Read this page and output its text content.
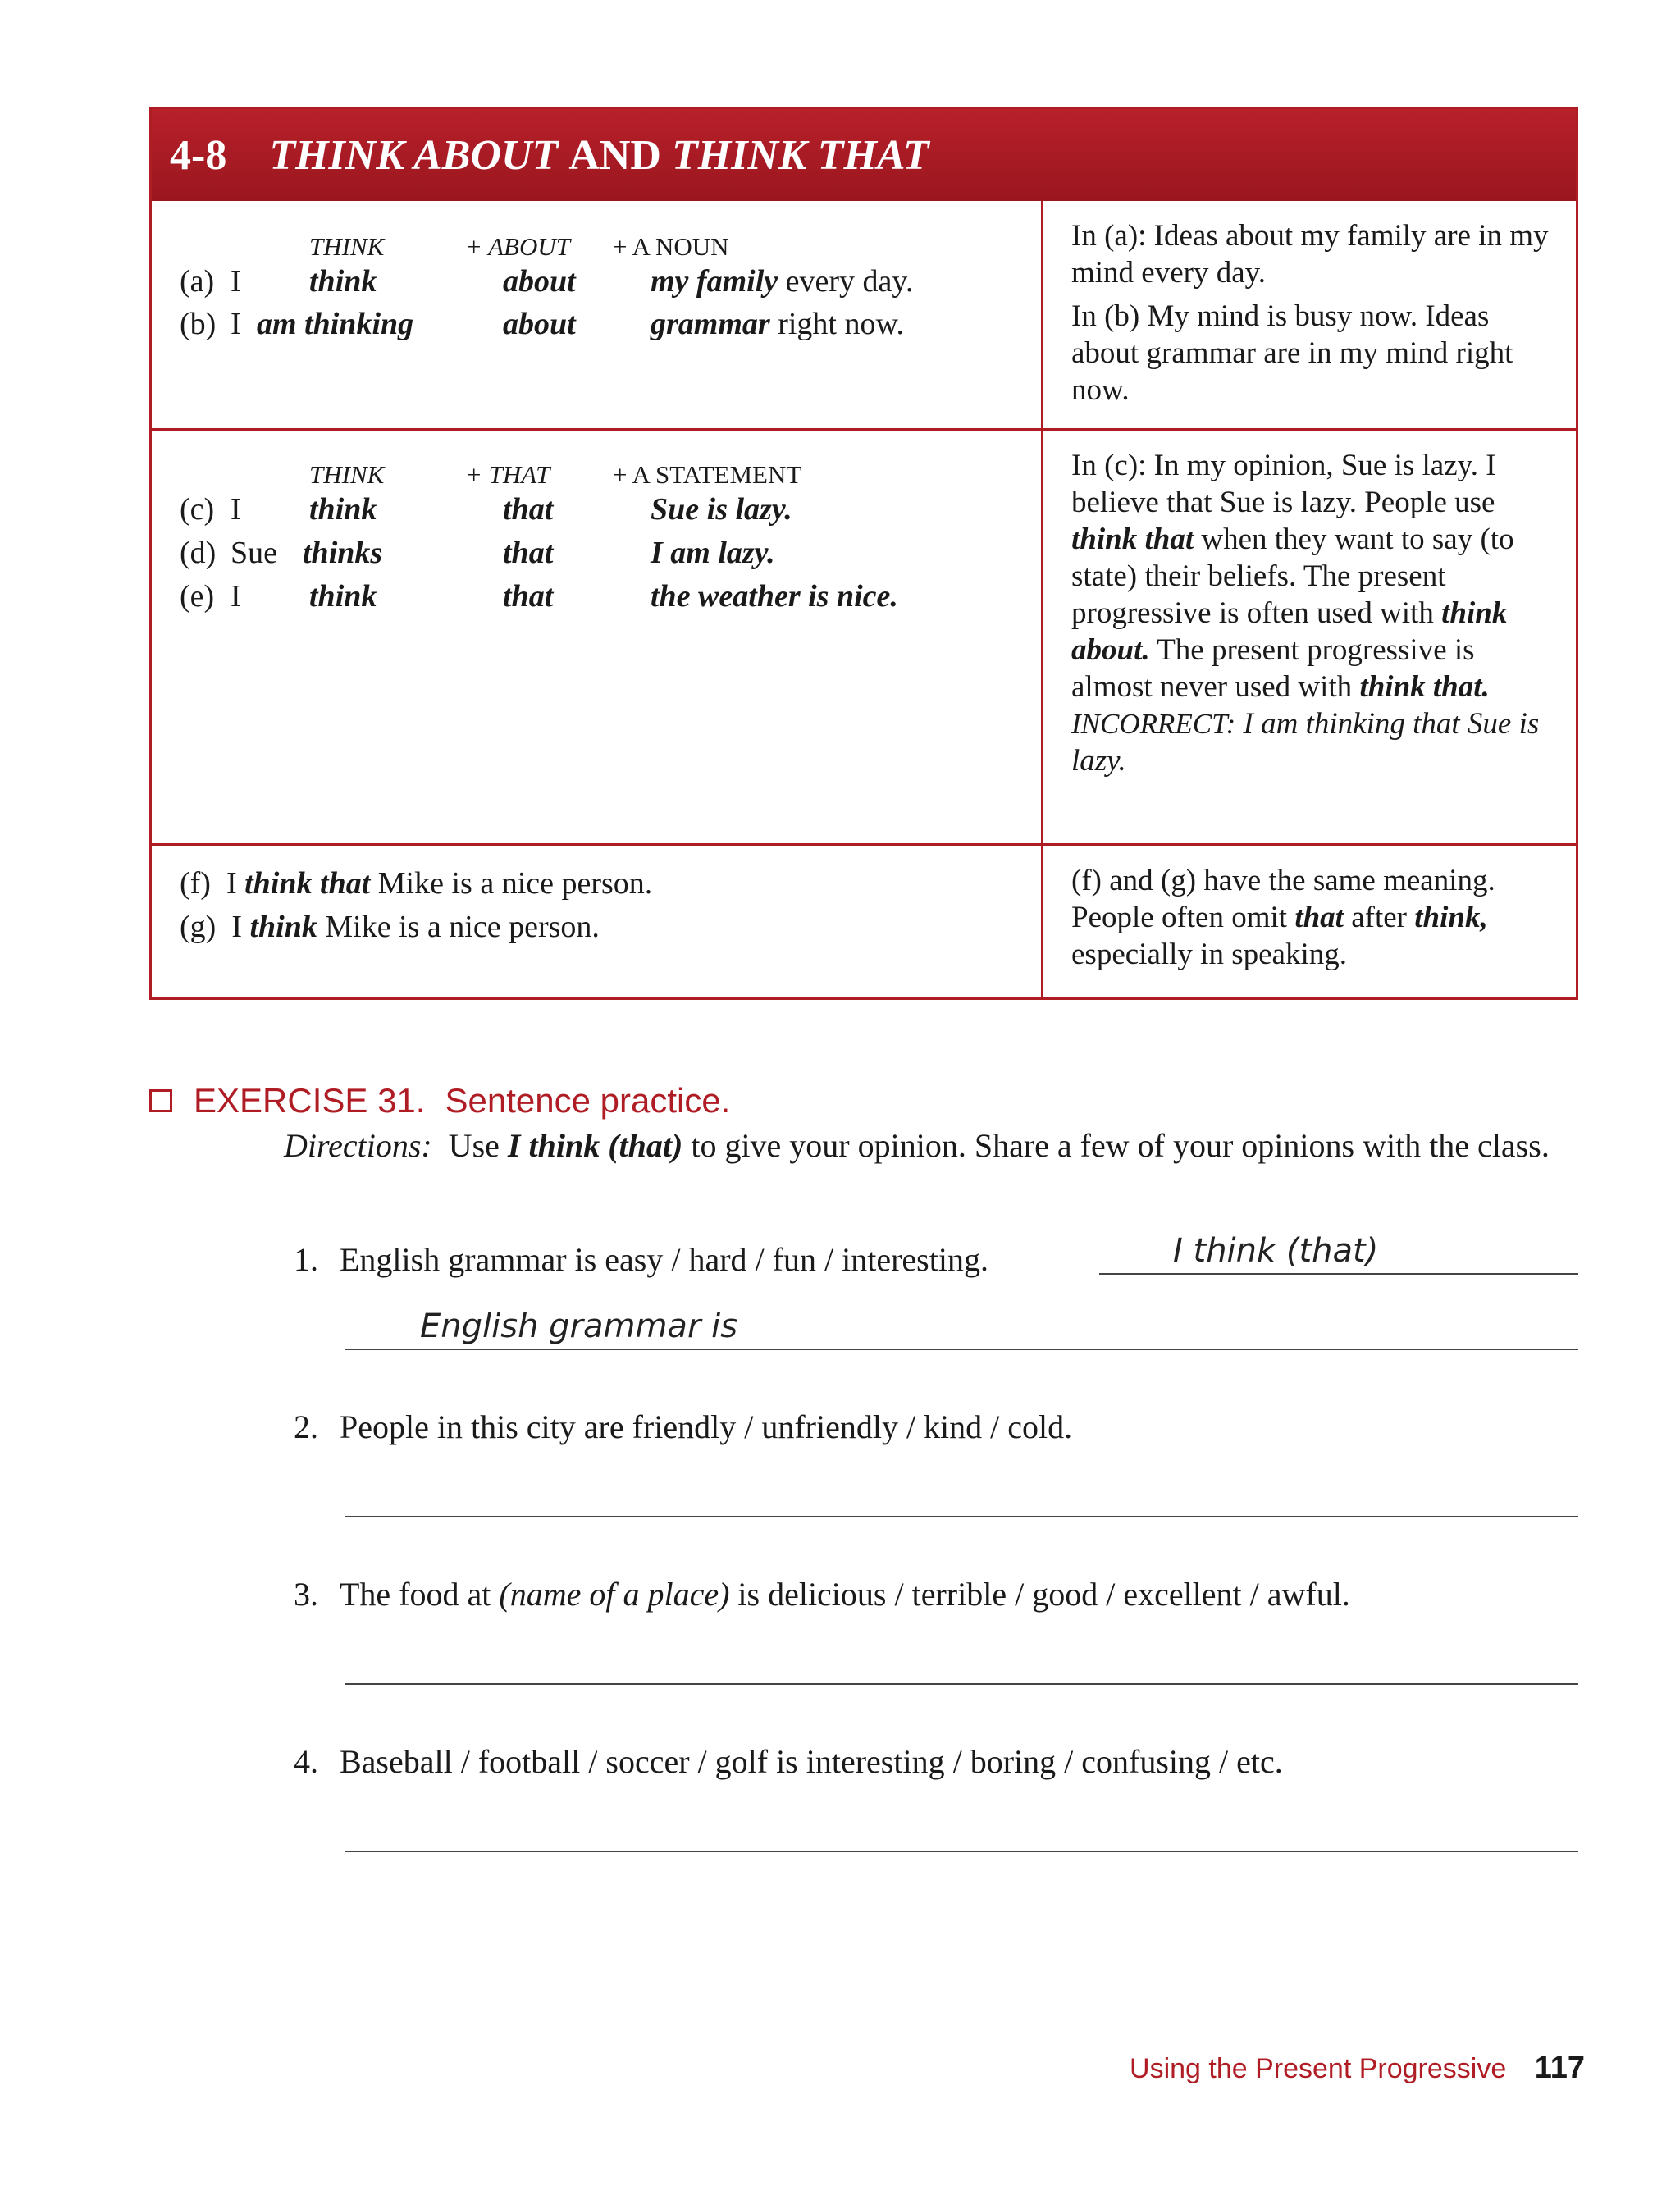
4-8 THINK ABOUT AND THINK THAT
THINK	+ ABOUT + A NOUN
(a) I think	about my family every day.
(b) I am thinking	about grammar right now.

In (a): Ideas about my family are in my mind every day.

In (b) My mind is busy now. Ideas about grammar are in my mind right now.

THINK	+ THAT + A STATEMENT
(c) I think	that	Sue is lazy.
(d) Sue thinks	that	I am lazy.
(e) I think	that	the weather is nice.

In (c): In my opinion, Sue is lazy. I believe that Sue is lazy. People use think that when they want to say (to state) their beliefs. The present progressive is often used with think about. The present progressive is almost never used with think that.
INCORRECT: I am thinking that Sue is lazy.

(f) I think that Mike is a nice person.
(g) I think Mike is a nice person.

(f) and (g) have the same meaning. People often omit that after think, especially in speaking.

EXERCISE 31. Sentence practice.
Directions: Use I think (that) to give your opinion. Share a few of your opinions with the class.
1. English grammar is easy / hard / fun / interesting.	I think (that)
English grammar is
2. People in this city are friendly / unfriendly / kind / cold.
3. The food at (name of a place) is delicious / terrible / good / excellent / awful.
4. Baseball / football / soccer / golf is interesting / boring / confusing / etc.
Using the Present Progressive 117
